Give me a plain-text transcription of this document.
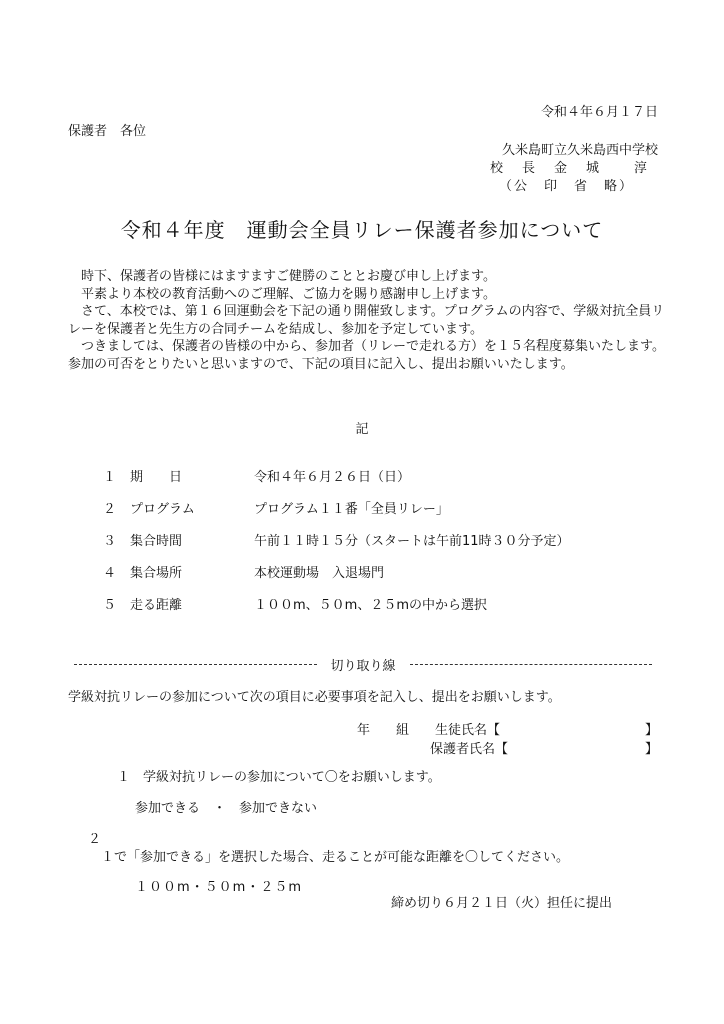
令和４年６月１７日
保護者　各位
久米島町立久米島西中学校
校　長　金　城　　淳
（公　印　省　略）
令和４年度　運動会全員リレー保護者参加について

時下、保護者の皆様にはますますご健勝のこととお慶び申し上げます。

平素より本校の教育活動へのご理解、ご協力を賜り感謝申し上げます。

さて、本校では、第１６回運動会を下記の通り開催致します。プログラムの内容で、学級対抗全員リレーを保護者と先生方の合同チームを結成し、参加を予定しています。

つきましては、保護者の皆様の中から、参加者（リレーで走れる方）を１５名程度募集いたします。参加の可否をとりたいと思いますので、下記の項目に記入し、提出お願いいたします。

記
１ 期　　日	令和４年６月２６日（日）
２ プログラム	プログラム１１番「全員リレー」
３ 集合時間	午前１１時１５分（スタートは午前11時３０分予定）
４ 集合場所	本校運動場　入退場門
５ 走る距離	１００m、５０m、２５mの中から選択
切り取り線
学級対抗リレーの参加について次の項目に必要事項を記入し、提出をお願いします。
年　　組　　生徒氏名【	】
保護者氏名【	】
１　学級対抗リレーの参加について〇をお願いします。
参加できる　・　参加できない
２
１で「参加できる」を選択した場合、走ることが可能な距離を〇してください。
１００m・５０m・２５m
締め切り６月２１日（火）担任に提出
